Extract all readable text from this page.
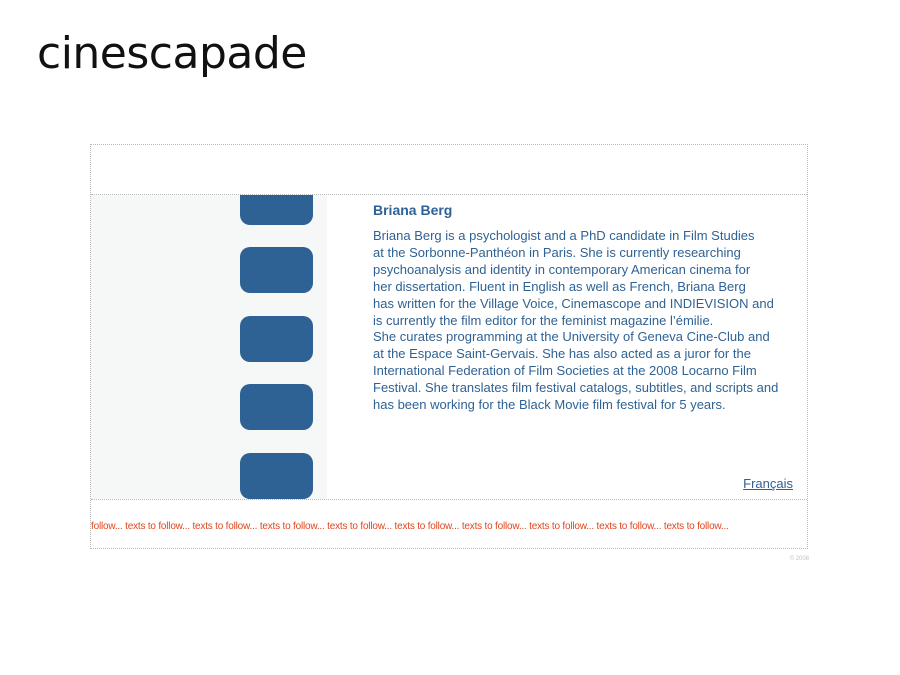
cinescapade
Briana Berg

Briana Berg is a psychologist and a PhD candidate in Film Studies
at the Sorbonne-Panthéon in Paris. She is currently researching
psychoanalysis and identity in contemporary American cinema for
her dissertation. Fluent in English as well as French, Briana Berg
has written for the Village Voice, Cinemascope and INDIEVISION and
is currently the film editor for the feminist magazine l’émilie.
She curates programming at the University of Geneva Cine-Club and
at the Espace Saint-Gervais. She has also acted as a juror for the
International Federation of Film Societies at the 2008 Locarno Film
Festival. She translates film festival catalogs, subtitles, and scripts and
has been working for the Black Movie film festival for 5 years.

Français
follow... texts to follow... texts to follow... texts to follow... texts to follow... texts to follow... texts to follow... texts to follow... texts to follow... texts to follow...
© 2008
